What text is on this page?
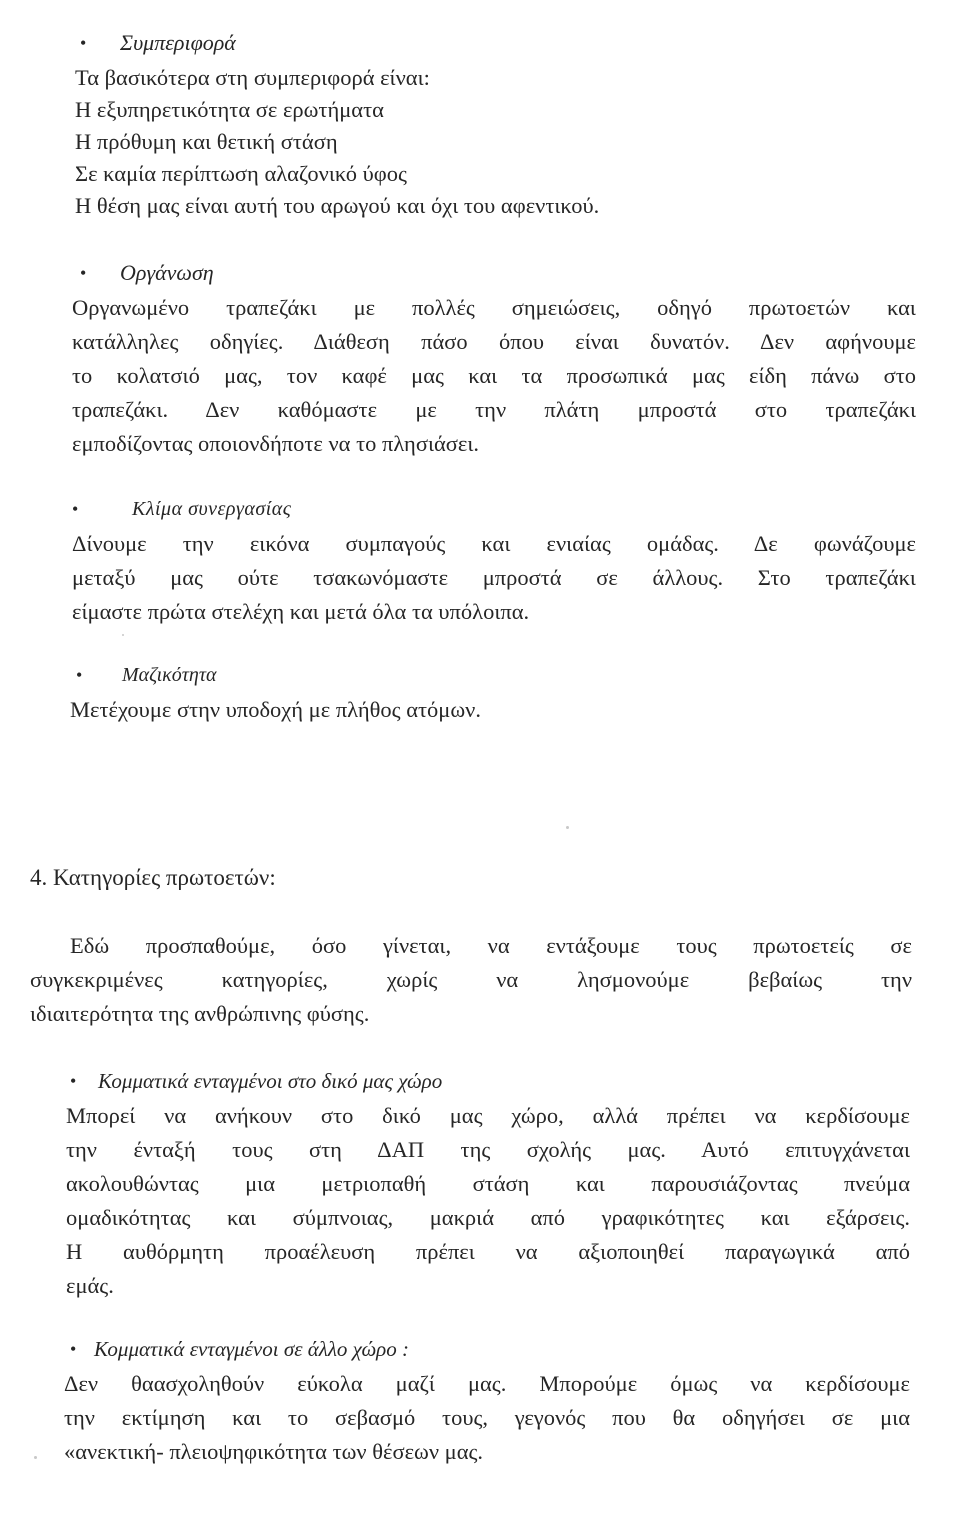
• Συμπεριφορά
Τα βασικότερα στη συμπεριφορά είναι:
Η εξυπηρετικότητα σε ερωτήματα
Η πρόθυμη και θετική στάση
Σε καμία περίπτωση αλαζονικό ύφος
Η θέση μας είναι αυτή του αρωγού και όχι του αφεντικού.
• Οργάνωση
Οργανωμένο τραπεζάκι με πολλές σημειώσεις, οδηγό πρωτοετών και
κατάλληλες οδηγίες. Διάθεση πάσο όπου είναι δυνατόν. Δεν αφήνουμε
το κολατσιό μας, τον καφέ μας και τα προσωπικά μας είδη πάνω στο
τραπεζάκι. Δεν καθόμαστε με την πλάτη μπροστά στο τραπεζάκι
εμποδίζοντας οποιονδήποτε να το πλησιάσει.
•	Κλίμα συνεργασίας
Δίνουμε την εικόνα συμπαγούς και ενιαίας ομάδας. Δε φωνάζουμε
μεταξύ μας ούτε τσακωνόμαστε μπροστά σε άλλους. Στο τραπεζάκι
είμαστε πρώτα στελέχη και μετά όλα τα υπόλοιπα.
• Μαζικότητα
Μετέχουμε στην υποδοχή με πλήθος ατόμων.
4. Κατηγορίες πρωτοετών:
Εδώ προσπαθούμε, όσο γίνεται, να εντάξουμε τους πρωτοετείς σε
συγκεκριμένες κατηγορίες, χωρίς να λησμονούμε βεβαίως την
ιδιαιτερότητα της ανθρώπινης φύσης.
• Κομματικά ενταγμένοι στο δικό μας χώρο
Μπορεί να ανήκουν στο δικό μας χώρο, αλλά πρέπει να κερδίσουμε
την ένταξή τους στη ΔΑΠ της σχολής μας. Αυτό επιτυγχάνεται
ακολουθώντας μια μετριοπαθή στάση και παρουσιάζοντας πνεύμα
ομαδικότητας και σύμπνοιας, μακριά από γραφικότητες και εξάρσεις.
Η αυθόρμητη προαέλευση πρέπει να αξιοποιηθεί παραγωγικά από
εμάς.
• Κομματικά ενταγμένοι σε άλλο χώρο :
Δεν θαασχοληθούν εύκολα μαζί μας. Μπορούμε όμως να κερδίσουμε
την εκτίμηση και το σεβασμό τους, γεγονός που θα οδηγήσει σε μια
«ανεκτική- πλειοψηφικότητα των θέσεων μας.
